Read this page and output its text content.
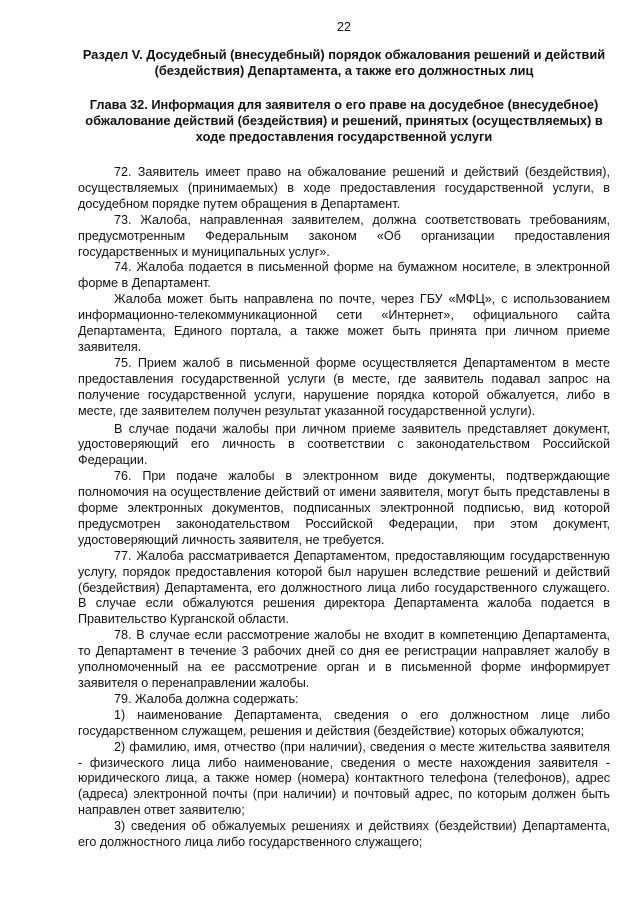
22
Раздел V. Досудебный (внесудебный) порядок обжалования решений и действий (бездействия) Департамента, а также его должностных лиц
Глава 32. Информация для заявителя о его праве на досудебное (внесудебное) обжалование действий (бездействия) и решений, принятых (осуществляемых) в ходе предоставления государственной услуги

72. Заявитель имеет право на обжалование решений и действий (бездействия), осуществляемых (принимаемых) в ходе предоставления государственной услуги, в досудебном порядке путем обращения в Департамент.

73. Жалоба, направленная заявителем, должна соответствовать требованиям, предусмотренным Федеральным законом «Об организации предоставления государственных и муниципальных услуг».

74. Жалоба подается в письменной форме на бумажном носителе, в электронной форме в Департамент.

Жалоба может быть направлена по почте, через ГБУ «МФЦ», с использованием информационно-телекоммуникационной сети «Интернет», официального сайта Департамента, Единого портала, а также может быть принята при личном приеме заявителя.

75. Прием жалоб в письменной форме осуществляется Департаментом в месте предоставления государственной услуги (в месте, где заявитель подавал запрос на получение государственной услуги, нарушение порядка которой обжалуется, либо в месте, где заявителем получен результат указанной государственной услуги).

В случае подачи жалобы при личном приеме заявитель представляет документ, удостоверяющий его личность в соответствии с законодательством Российской Федерации.

76. При подаче жалобы в электронном виде документы, подтверждающие полномочия на осуществление действий от имени заявителя, могут быть представлены в форме электронных документов, подписанных электронной подписью, вид которой предусмотрен законодательством Российской Федерации, при этом документ, удостоверяющий личность заявителя, не требуется.

77. Жалоба рассматривается Департаментом, предоставляющим государственную услугу, порядок предоставления которой был нарушен вследствие решений и действий (бездействия) Департамента, его должностного лица либо государственного служащего. В случае если обжалуются решения директора Департамента жалоба подается в Правительство Курганской области.

78. В случае если рассмотрение жалобы не входит в компетенцию Департамента, то Департамент в течение 3 рабочих дней со дня ее регистрации направляет жалобу в уполномоченный на ее рассмотрение орган и в письменной форме информирует заявителя о перенаправлении жалобы.

79. Жалоба должна содержать:

1) наименование Департамента, сведения о его должностном лице либо государственном служащем, решения и действия (бездействие) которых обжалуются;

2) фамилию, имя, отчество (при наличии), сведения о месте жительства заявителя - физического лица либо наименование, сведения о месте нахождения заявителя - юридического лица, а также номер (номера) контактного телефона (телефонов), адрес (адреса) электронной почты (при наличии) и почтовый адрес, по которым должен быть направлен ответ заявителю;

3) сведения об обжалуемых решениях и действиях (бездействии) Департамента, его должностного лица либо государственного служащего;
